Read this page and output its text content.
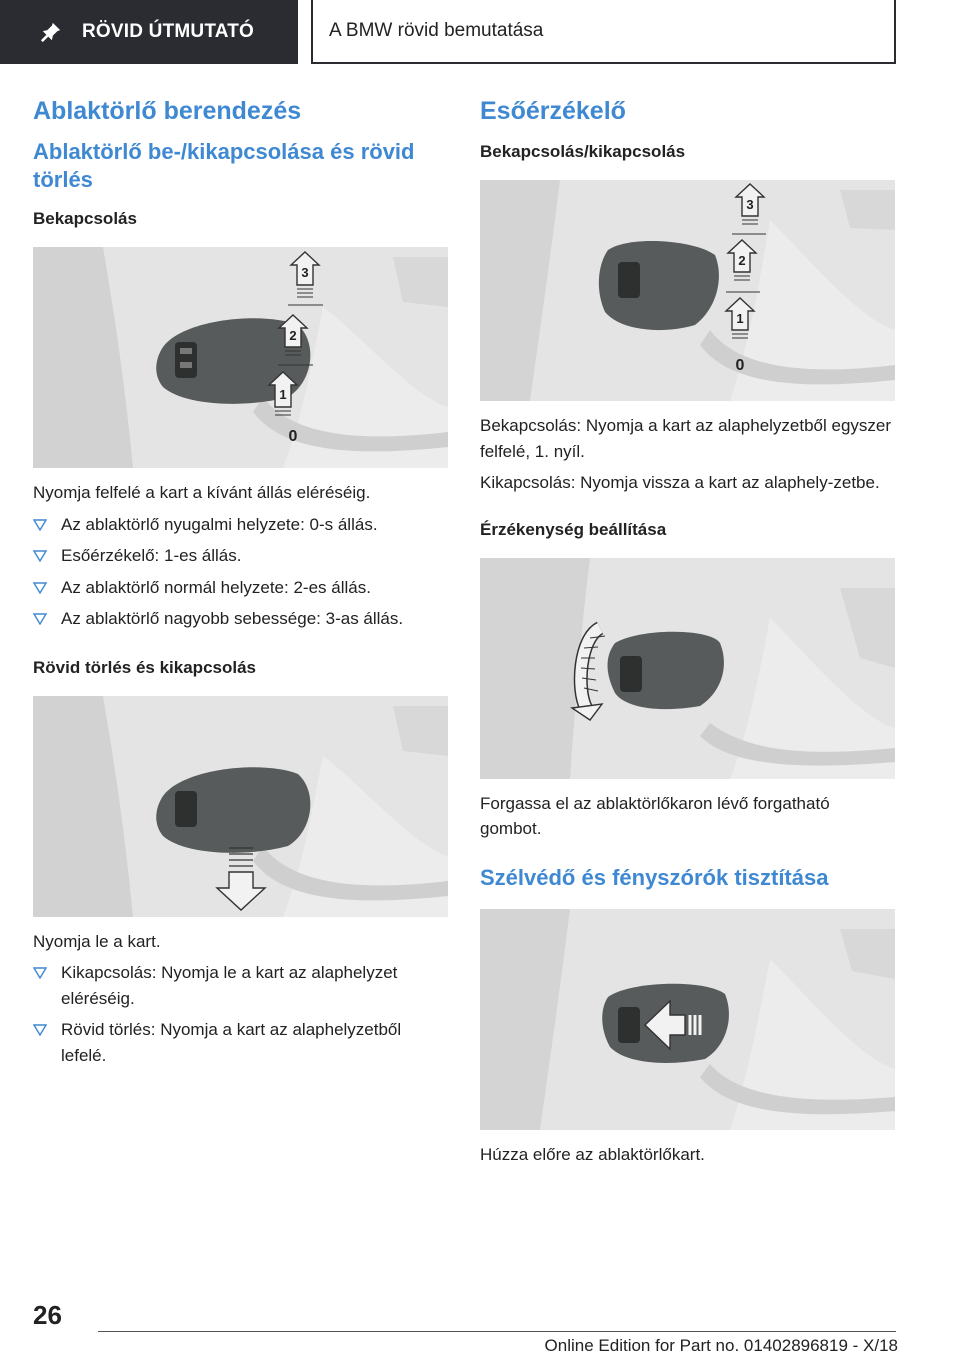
RÖVID ÚTMUTATÓ	A BMW rövid bemutatása
Ablaktörlő berendezés
Ablaktörlő be-/kikapcsolása és rövid törlés
Bekapcsolás
3
2
1
0

Nyomja felfelé a kart a kívánt állás eléréséig.

Az ablaktörlő nyugalmi helyzete: 0-s állás.
Esőérzékelő: 1-es állás.
Az ablaktörlő normál helyzete: 2-es állás.
Az ablaktörlő nagyobb sebessége: 3-as állás.
Rövid törlés és kikapcsolás

Nyomja le a kart.

Kikapcsolás: Nyomja le a kart az alaphelyzet eléréséig.
Rövid törlés: Nyomja a kart az alaphelyzetből lefelé.
Esőérzékelő
Bekapcsolás/kikapcsolás
3
2
1
0

Bekapcsolás: Nyomja a kart az alaphelyzetből egyszer felfelé, 1. nyíl.

Kikapcsolás: Nyomja vissza a kart az alaphely-zetbe.

Érzékenység beállítása

Forgassa el az ablaktörlőkaron lévő forgatható gombot.

Szélvédő és fényszórók tisztítása

Húzza előre az ablaktörlőkart.

26
Online Edition for Part no. 01402896819 - X/18
